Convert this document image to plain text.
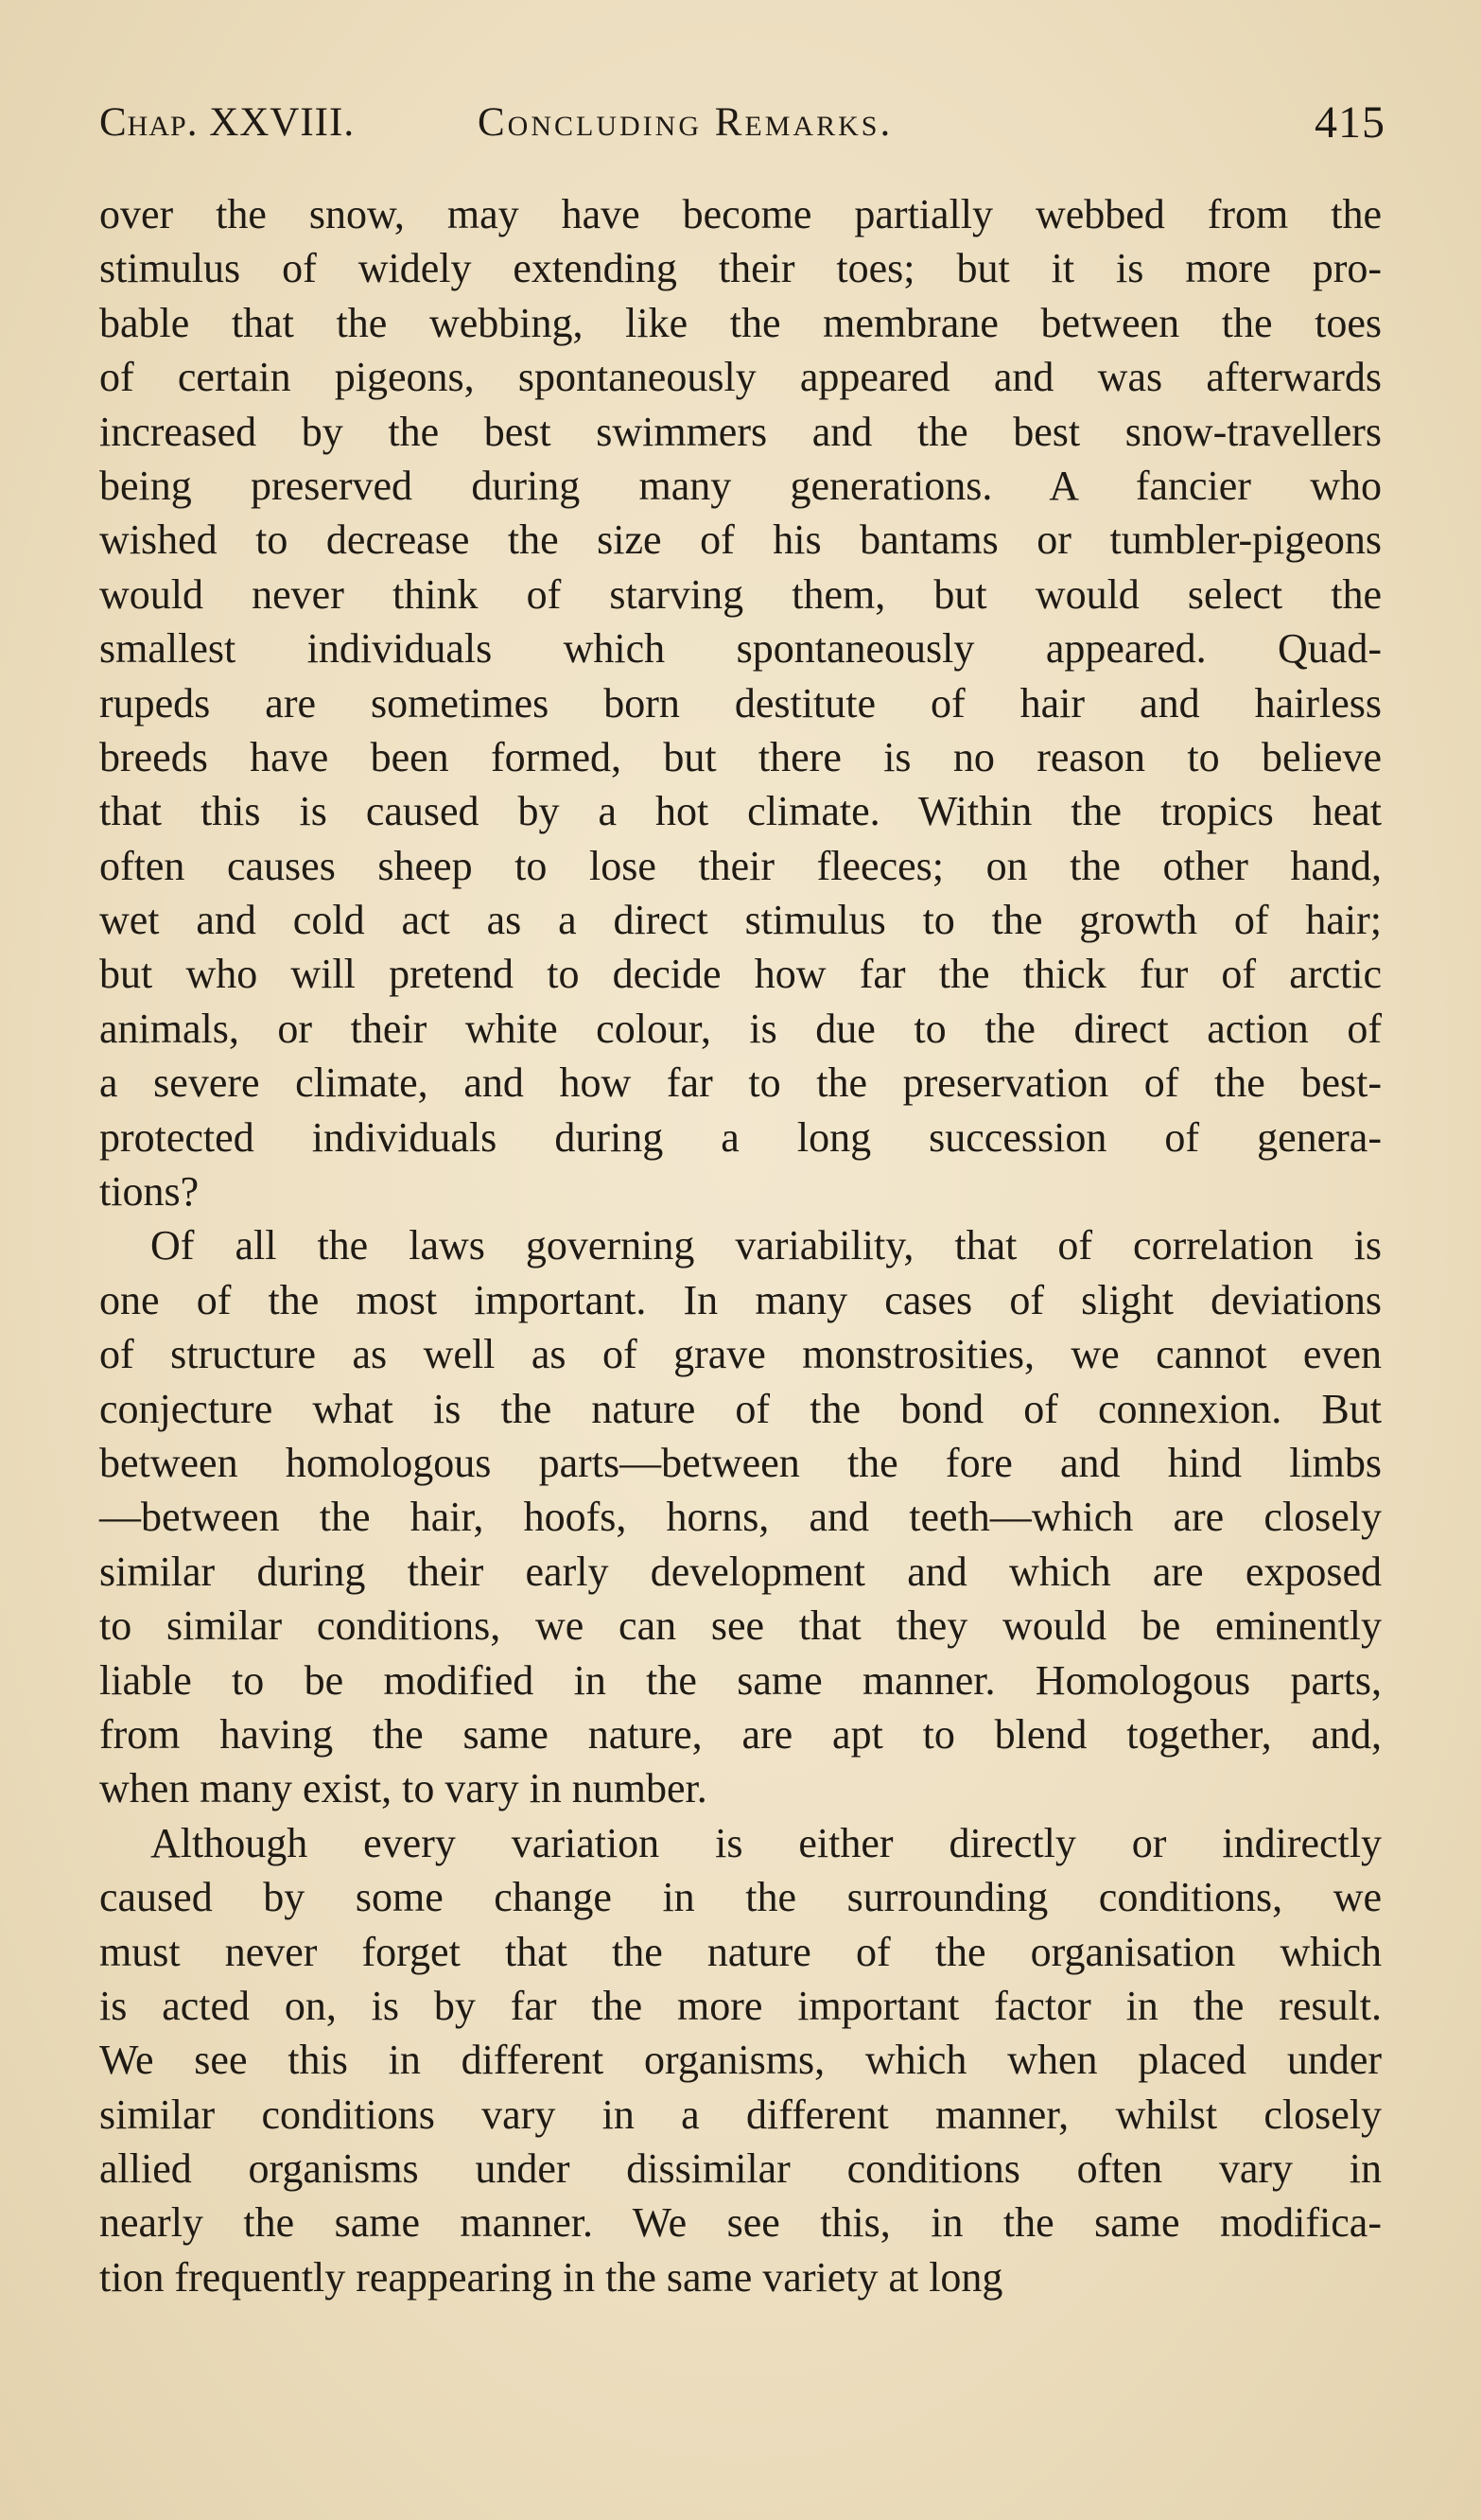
Chap. XXVIII.	Concluding Remarks.	415
over the snow, may have become partially webbed from the
stimulus of widely extending their toes; but it is more pro-
bable that the webbing, like the membrane between the toes
of certain pigeons, spontaneously appeared and was afterwards
increased by the best swimmers and the best snow-travellers
being preserved during many generations. A fancier who
wished to decrease the size of his bantams or tumbler-pigeons
would never think of starving them, but would select the
smallest individuals which spontaneously appeared. Quad-
rupeds are sometimes born destitute of hair and hairless
breeds have been formed, but there is no reason to believe
that this is caused by a hot climate. Within the tropics heat
often causes sheep to lose their fleeces; on the other hand,
wet and cold act as a direct stimulus to the growth of hair;
but who will pretend to decide how far the thick fur of arctic
animals, or their white colour, is due to the direct action of
a severe climate, and how far to the preservation of the best-
protected individuals during a long succession of genera-
tions?
Of all the laws governing variability, that of correlation is
one of the most important. In many cases of slight deviations
of structure as well as of grave monstrosities, we cannot even
conjecture what is the nature of the bond of connexion. But
between homologous parts—between the fore and hind limbs
—between the hair, hoofs, horns, and teeth—which are closely
similar during their early development and which are exposed
to similar conditions, we can see that they would be eminently
liable to be modified in the same manner. Homologous parts,
from having the same nature, are apt to blend together, and,
when many exist, to vary in number.
Although every variation is either directly or indirectly
caused by some change in the surrounding conditions, we
must never forget that the nature of the organisation which
is acted on, is by far the more important factor in the result.
We see this in different organisms, which when placed under
similar conditions vary in a different manner, whilst closely
allied organisms under dissimilar conditions often vary in
nearly the same manner. We see this, in the same modifica-
tion frequently reappearing in the same variety at long
